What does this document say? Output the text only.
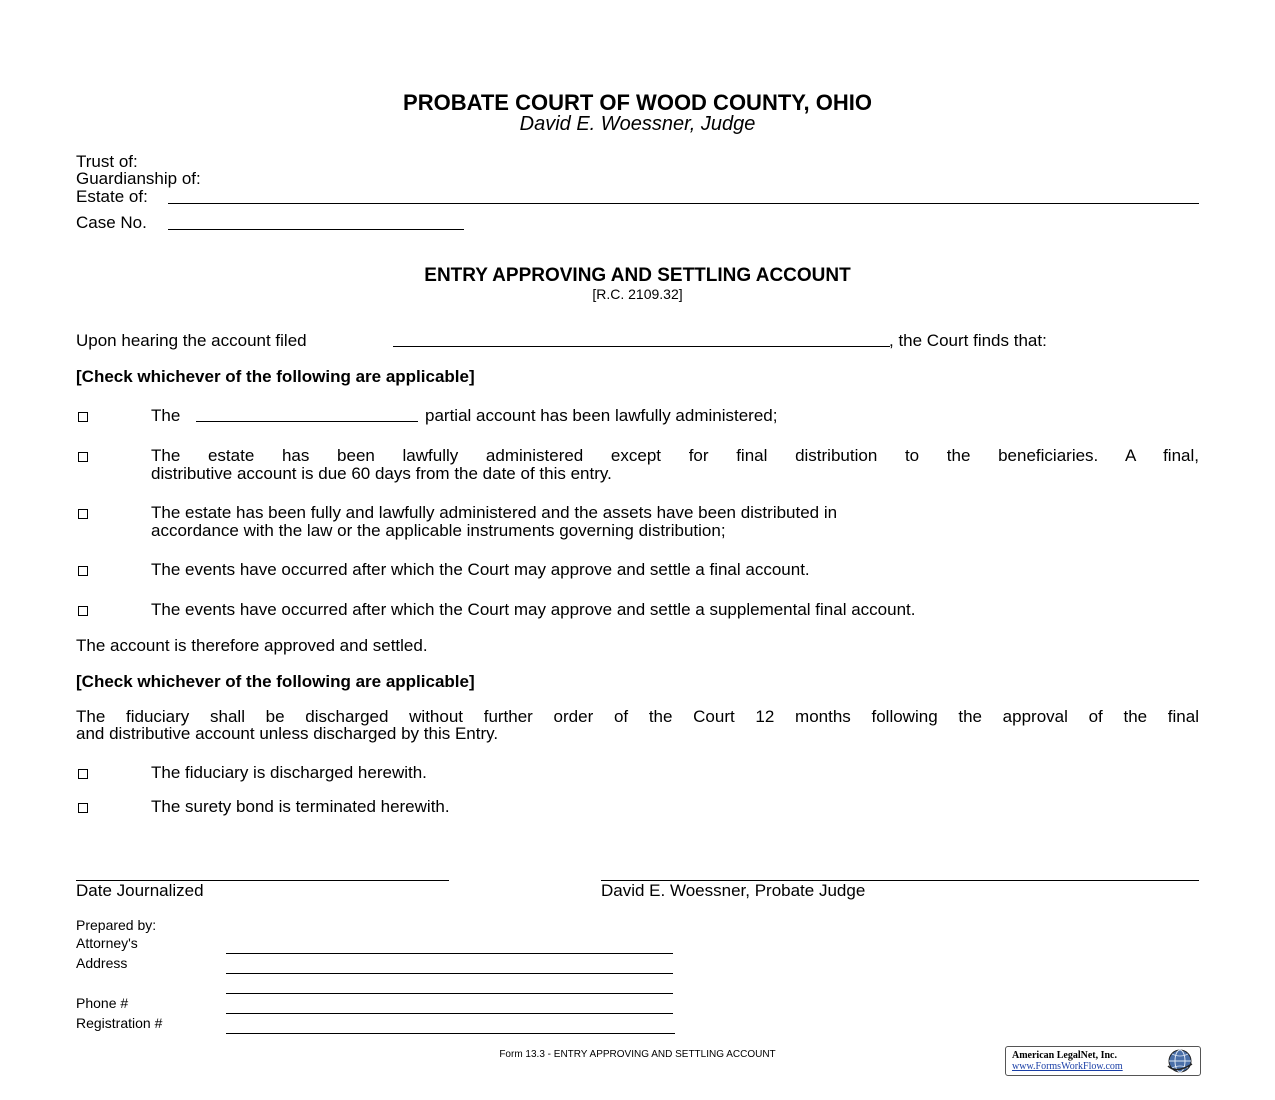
PROBATE COURT OF WOOD COUNTY, OHIO
David E. Woessner, Judge
Trust of:
Guardianship of:
Estate of:
Case No.
ENTRY APPROVING AND SETTLING ACCOUNT
[R.C. 2109.32]
Upon hearing the account filed	, the Court finds that:
[Check whichever of the following are applicable]
The	partial account has been lawfully administered;
The estate has been lawfully administered except for final distribution to the beneficiaries. A final,
distributive account is due 60 days from the date of this entry.
The estate has been fully and lawfully administered and the assets have been distributed in
accordance with the law or the applicable instruments governing distribution;
The events have occurred after which the Court may approve and settle a final account.
The events have occurred after which the Court may approve and settle a supplemental final account.
The account is therefore approved and settled.
[Check whichever of the following are applicable]
The fiduciary shall be discharged without further order of the Court 12 months following the approval of the final
and distributive account unless discharged by this Entry.
The fiduciary is discharged herewith.
The surety bond is terminated herewith.
Date Journalized	David E. Woessner, Probate Judge
Prepared by:
Attorney's
Address
Phone #
Registration #
Form 13.3 - ENTRY APPROVING AND SETTLING ACCOUNT	American LegalNet, Inc.
www.FormsWorkFlow.com
